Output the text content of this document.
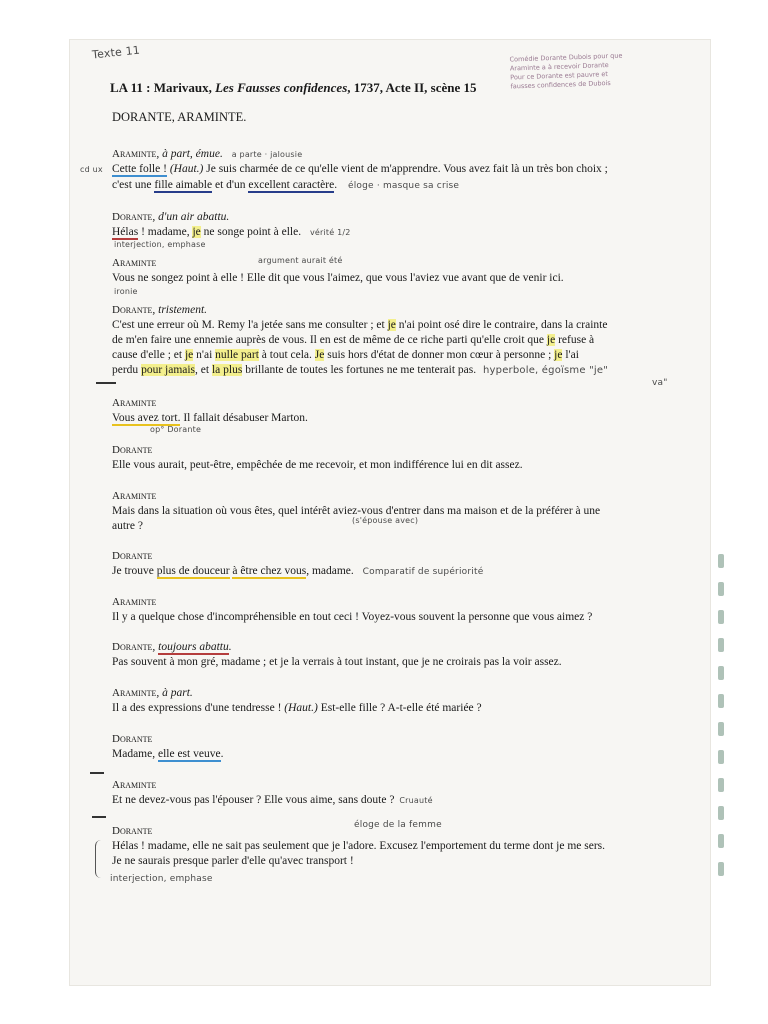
Texte 11	Comédie Dorante Dubois pour que
Araminte a à recevoir Dorante
Pour ce Dorante est pauvre et
fausses confidences de Dubois
LA 11 : Marivaux, Les Fausses confidences, 1737, Acte II, scène 15
DORANTE, ARAMINTE.
Araminte, à part, émue. a parte · jalousie
cd ux Cette folle ! (Haut.) Je suis charmée de ce qu'elle vient de m'apprendre. Vous avez fait là un très bon choix ;
c'est une fille aimable et d'un excellent caractère. éloge · masque sa crise
Dorante, d'un air abattu.
Hélas ! madame, je ne songe point à elle. vérité 1/2
interjection, emphase
Araminte	argument aurait été
Vous ne songez point à elle ! Elle dit que vous l'aimez, que vous l'aviez vue avant que de venir ici.
ironie
Dorante, tristement.
C'est une erreur où M. Remy l'a jetée sans me consulter ; et je n'ai point osé dire le contraire, dans la crainte
de m'en faire une ennemie auprès de vous. Il en est de même de ce riche parti qu'elle croit que je refuse à
cause d'elle ; et je n'ai nulle part à tout cela. Je suis hors d'état de donner mon cœur à personne ; je l'ai
perdu pour jamais, et la plus brillante de toutes les fortunes ne me tenterait pas. hyperbole, égoïsme "je"
va"
Araminte
Vous avez tort. Il fallait désabuser Marton.
op° Dorante
Dorante
Elle vous aurait, peut-être, empêchée de me recevoir, et mon indifférence lui en dit assez.
Araminte
Mais dans la situation où vous êtes, quel intérêt aviez-vous d'entrer dans ma maison et de la préférer à une
autre ?	(s'épouse avec)
Dorante
Je trouve plus de douceur à être chez vous, madame. Comparatif de supériorité
Araminte
Il y a quelque chose d'incompréhensible en tout ceci ! Voyez-vous souvent la personne que vous aimez ?
Dorante, toujours abattu.
Pas souvent à mon gré, madame ; et je la verrais à tout instant, que je ne croirais pas la voir assez.
Araminte, à part.
Il a des expressions d'une tendresse ! (Haut.) Est-elle fille ? A-t-elle été mariée ?
Dorante
Madame, elle est veuve.
Araminte
Et ne devez-vous pas l'épouser ? Elle vous aime, sans doute ? Cruauté
éloge de la femme
Dorante
Hélas ! madame, elle ne sait pas seulement que je l'adore. Excusez l'emportement du terme dont je me sers.
Je ne saurais presque parler d'elle qu'avec transport !
interjection, emphase
